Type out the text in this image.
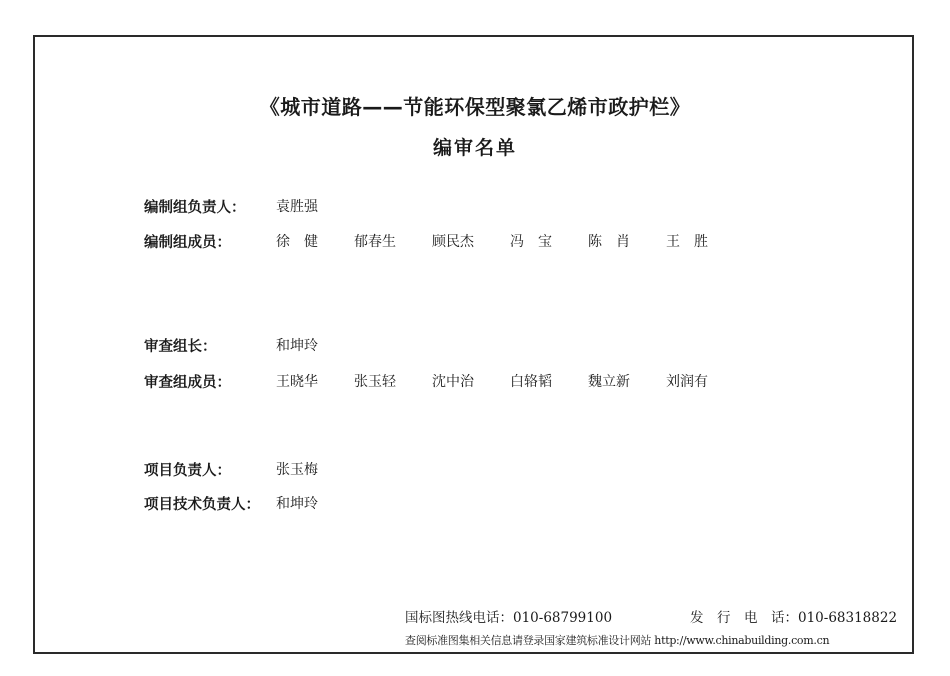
《城市道路——节能环保型聚氯乙烯市政护栏》
编审名单
编制组负责人：	袁胜强
编制组成员：	徐　健	郁春生	顾民杰	冯　宝	陈　肖	王　胜
审查组长：	和坤玲
审查组成员：	王晓华	张玉轻	沈中治	白辂韬	魏立新	刘润有
项目负责人：	张玉梅
项目技术负责人：	和坤玲
国标图热线电话：010-68799100	发　行　电　话：010-68318822
查阅标准图集相关信息请登录国家建筑标准设计网站 http://www.chinabuilding.com.cn
